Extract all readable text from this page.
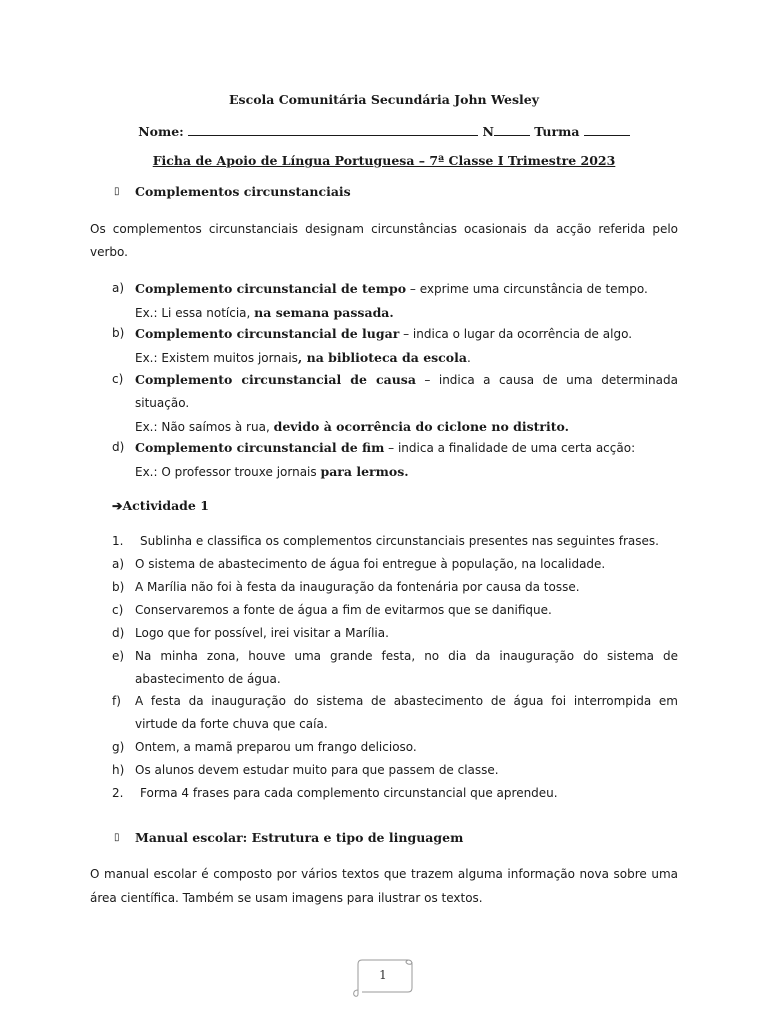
Escola Comunitária Secundária John Wesley
Nome:	N	Turma
Ficha de Apoio de Língua Portuguesa – 7ª Classe I Trimestre 2023
▯	Complementos circunstanciais
Os complementos circunstanciais designam circunstâncias ocasionais da acção referida pelo
verbo.
a) Complemento circunstancial de tempo – exprime uma circunstância de tempo.
Ex.: Li essa notícia, na semana passada.
b) Complemento circunstancial de lugar – indica o lugar da ocorrência de algo.
Ex.: Existem muitos jornais, na biblioteca da escola.
c) Complemento circunstancial de causa – indica a causa de uma determinada
situação.
Ex.: Não saímos à rua, devido à ocorrência do ciclone no distrito.
d) Complemento circunstancial de fim – indica a finalidade de uma certa acção:
Ex.: O professor trouxe jornais para lermos.
➔Actividade 1
1.	Sublinha e classifica os complementos circunstanciais presentes nas seguintes frases.
a) O sistema de abastecimento de água foi entregue à população, na localidade.
b) A Marília não foi à festa da inauguração da fontenária por causa da tosse.
c) Conservaremos a fonte de água a fim de evitarmos que se danifique.
d) Logo que for possível, irei visitar a Marília.
e) Na minha zona, houve uma grande festa, no dia da inauguração do sistema de
abastecimento de água.
f)	A festa da inauguração do sistema de abastecimento de água foi interrompida em
virtude da forte chuva que caía.
g) Ontem, a mamã preparou um frango delicioso.
h) Os alunos devem estudar muito para que passem de classe.
2.	Forma 4 frases para cada complemento circunstancial que aprendeu.
▯	Manual escolar: Estrutura e tipo de linguagem
O manual escolar é composto por vários textos que trazem alguma informação nova sobre uma
área científica. Também se usam imagens para ilustrar os textos.
1
